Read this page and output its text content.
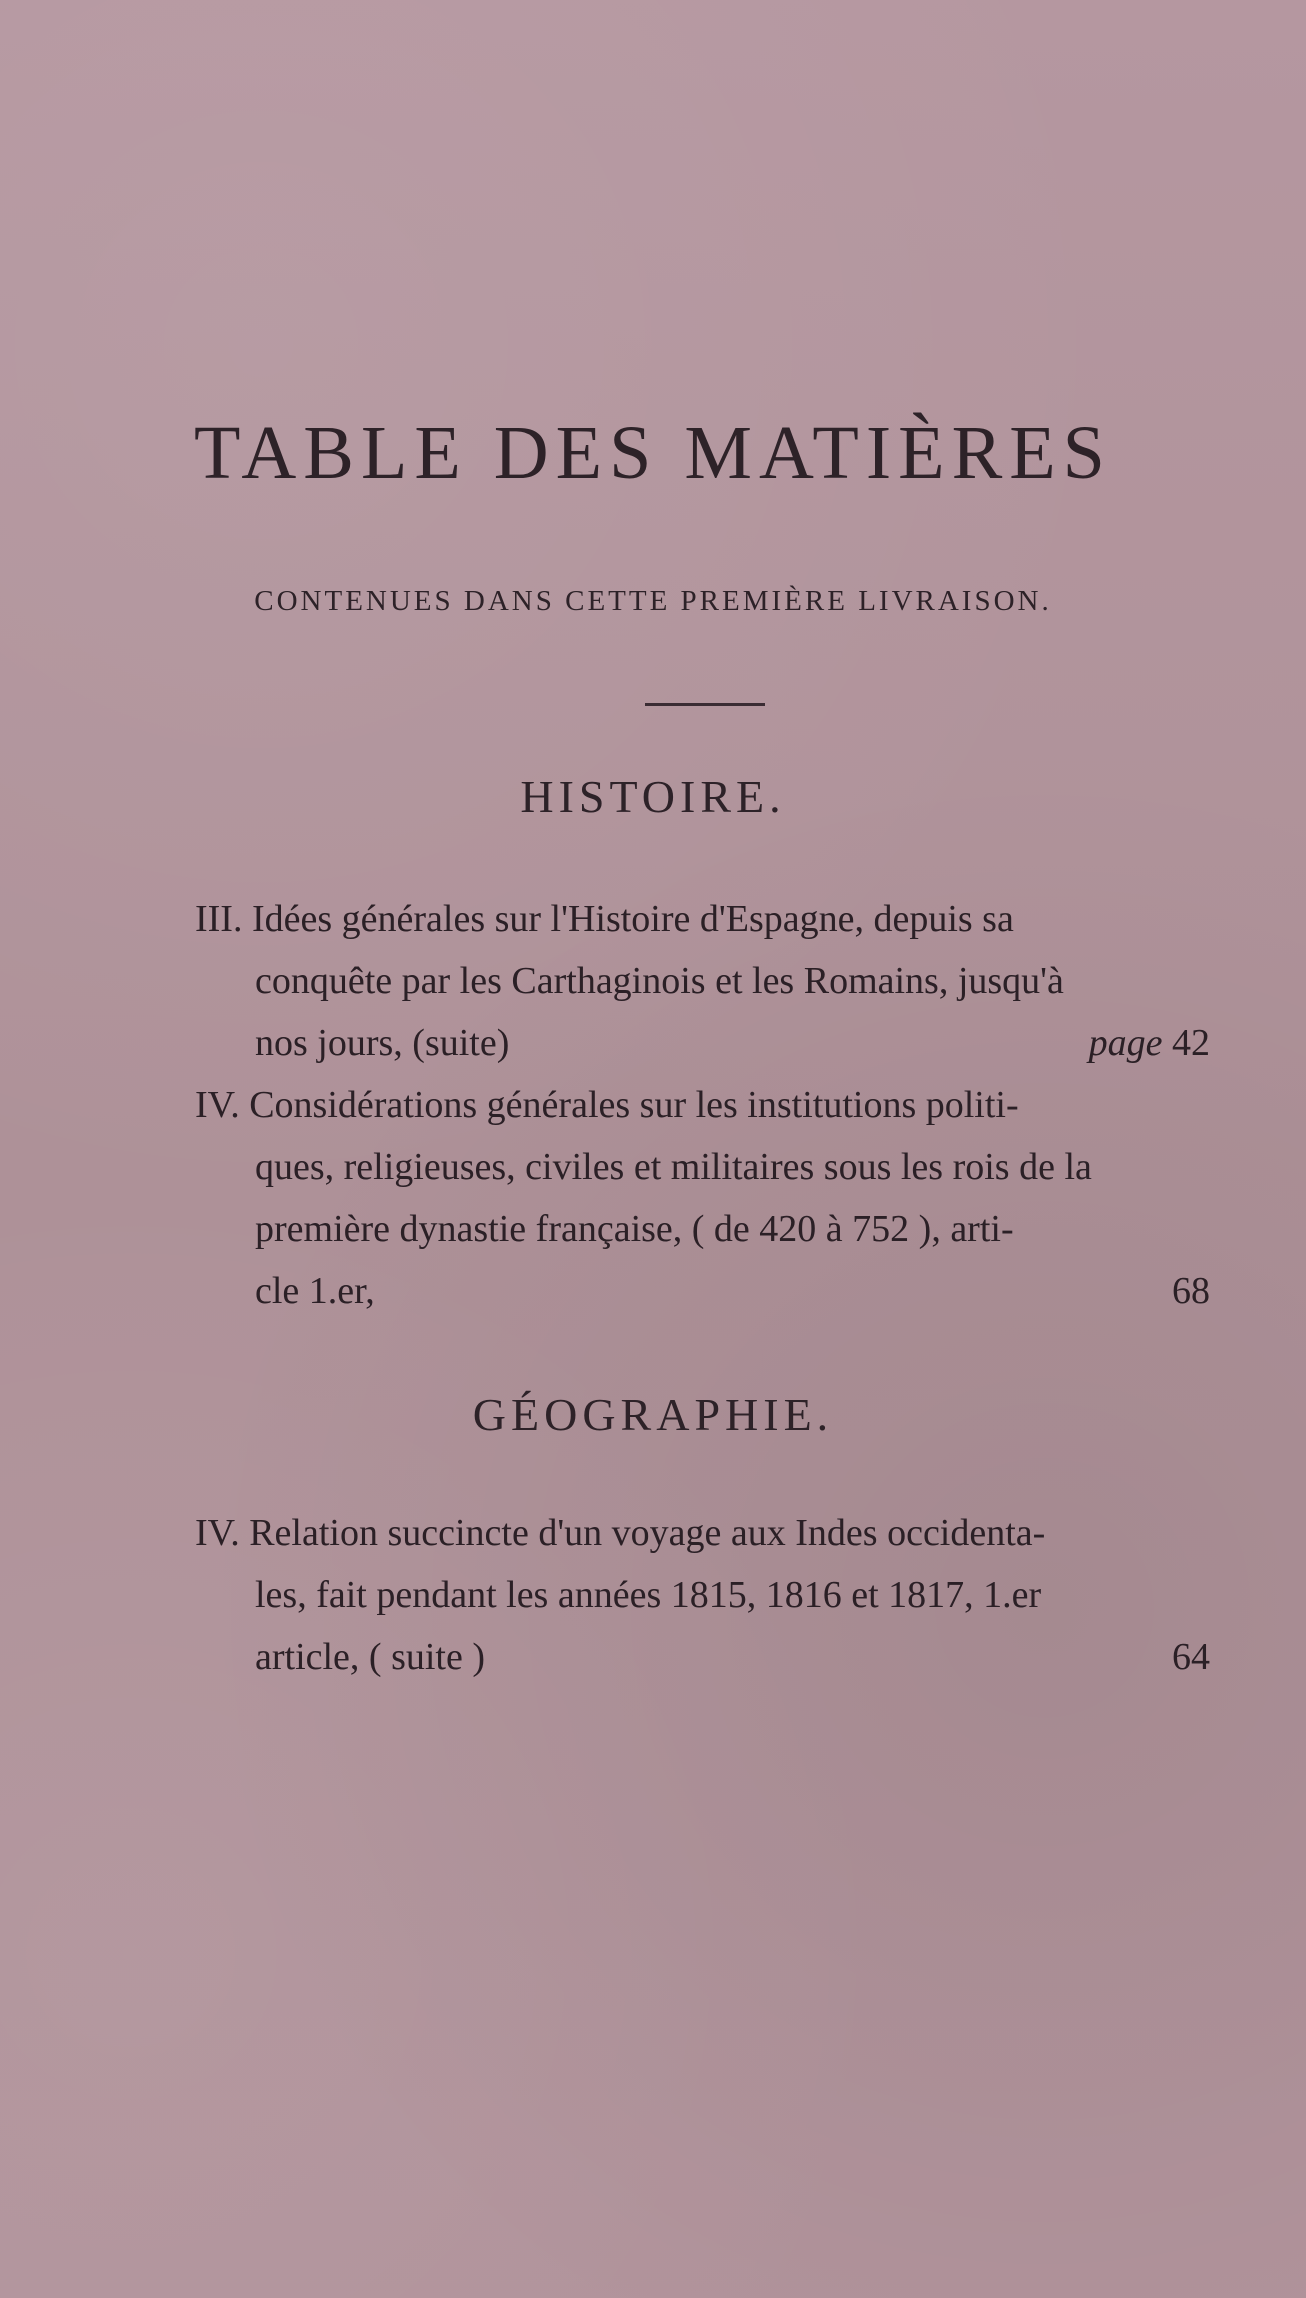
TABLE DES MATIÈRES
CONTENUES DANS CETTE PREMIÈRE LIVRAISON.
HISTOIRE.
III. Idées générales sur l'Histoire d'Espagne, depuis sa
conquête par les Carthaginois et les Romains, jusqu'à
nos jours, (suite)	page 42
IV. Considérations générales sur les institutions politi-
ques, religieuses, civiles et militaires sous les rois de la
première dynastie française, ( de 420 à 752 ), arti-
cle 1.er,	68
GÉOGRAPHIE.
IV. Relation succincte d'un voyage aux Indes occidenta-
les, fait pendant les années 1815, 1816 et 1817, 1.er
article, ( suite )	64
